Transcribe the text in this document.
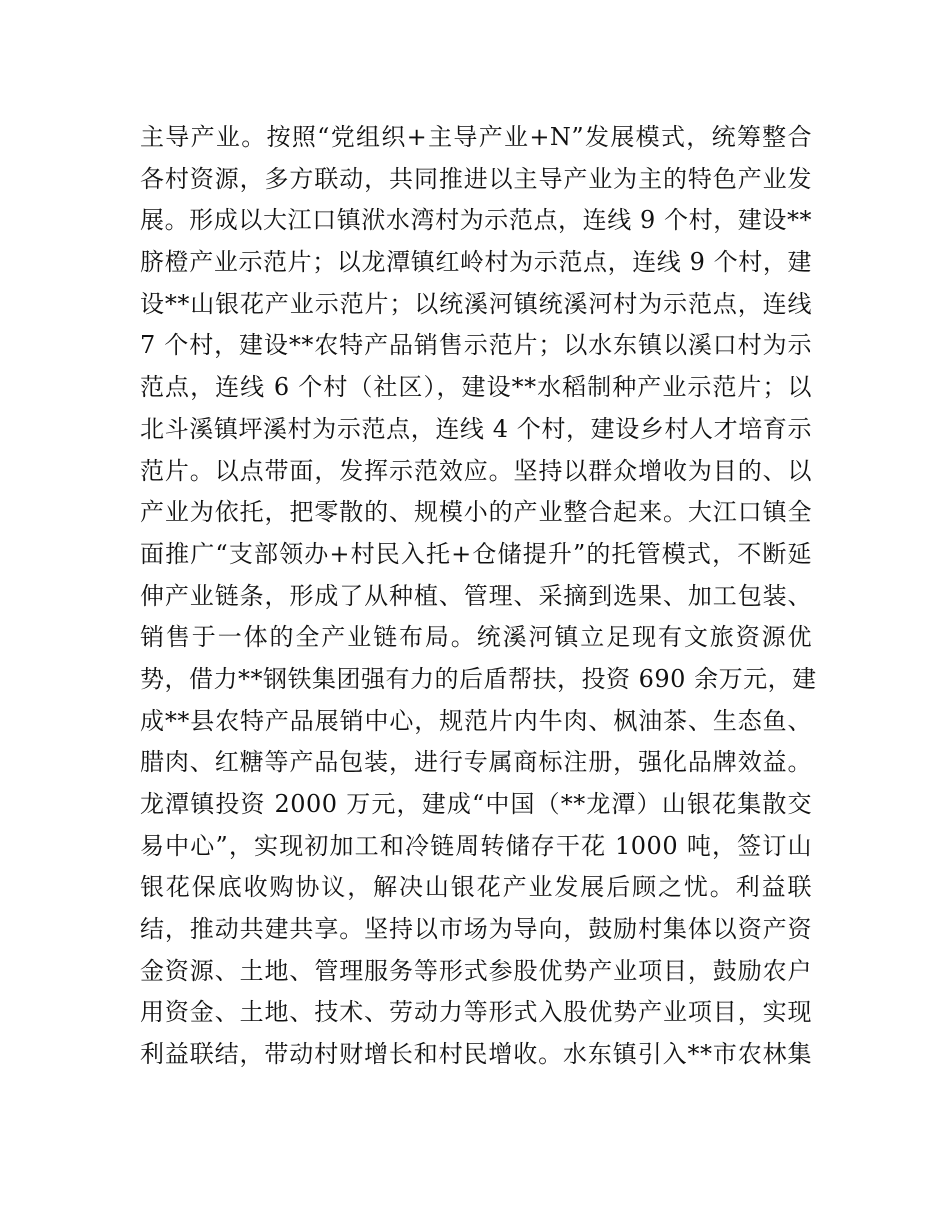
主导产业。按照“党组织+主导产业+N”发展模式，统筹整合
各村资源，多方联动，共同推进以主导产业为主的特色产业发
展。形成以大江口镇洑水湾村为示范点，连线 9 个村，建设**
脐橙产业示范片；以龙潭镇红岭村为示范点，连线 9 个村，建
设**山银花产业示范片；以统溪河镇统溪河村为示范点，连线
7 个村，建设**农特产品销售示范片；以水东镇以溪口村为示
范点，连线 6 个村（社区），建设**水稻制种产业示范片；以
北斗溪镇坪溪村为示范点，连线 4 个村，建设乡村人才培育示
范片。以点带面，发挥示范效应。坚持以群众增收为目的、以
产业为依托，把零散的、规模小的产业整合起来。大江口镇全
面推广“支部领办+村民入托+仓储提升”的托管模式，不断延
伸产业链条，形成了从种植、管理、采摘到选果、加工包装、
销售于一体的全产业链布局。统溪河镇立足现有文旅资源优
势，借力**钢铁集团强有力的后盾帮扶，投资 690 余万元，建
成**县农特产品展销中心，规范片内牛肉、枫油茶、生态鱼、
腊肉、红糖等产品包装，进行专属商标注册，强化品牌效益。
龙潭镇投资 2000 万元，建成“中国（**龙潭）山银花集散交
易中心”，实现初加工和冷链周转储存干花 1000 吨，签订山
银花保底收购协议，解决山银花产业发展后顾之忧。利益联
结，推动共建共享。坚持以市场为导向，鼓励村集体以资产资
金资源、土地、管理服务等形式参股优势产业项目，鼓励农户
用资金、土地、技术、劳动力等形式入股优势产业项目，实现
利益联结，带动村财增长和村民增收。水东镇引入**市农林集
